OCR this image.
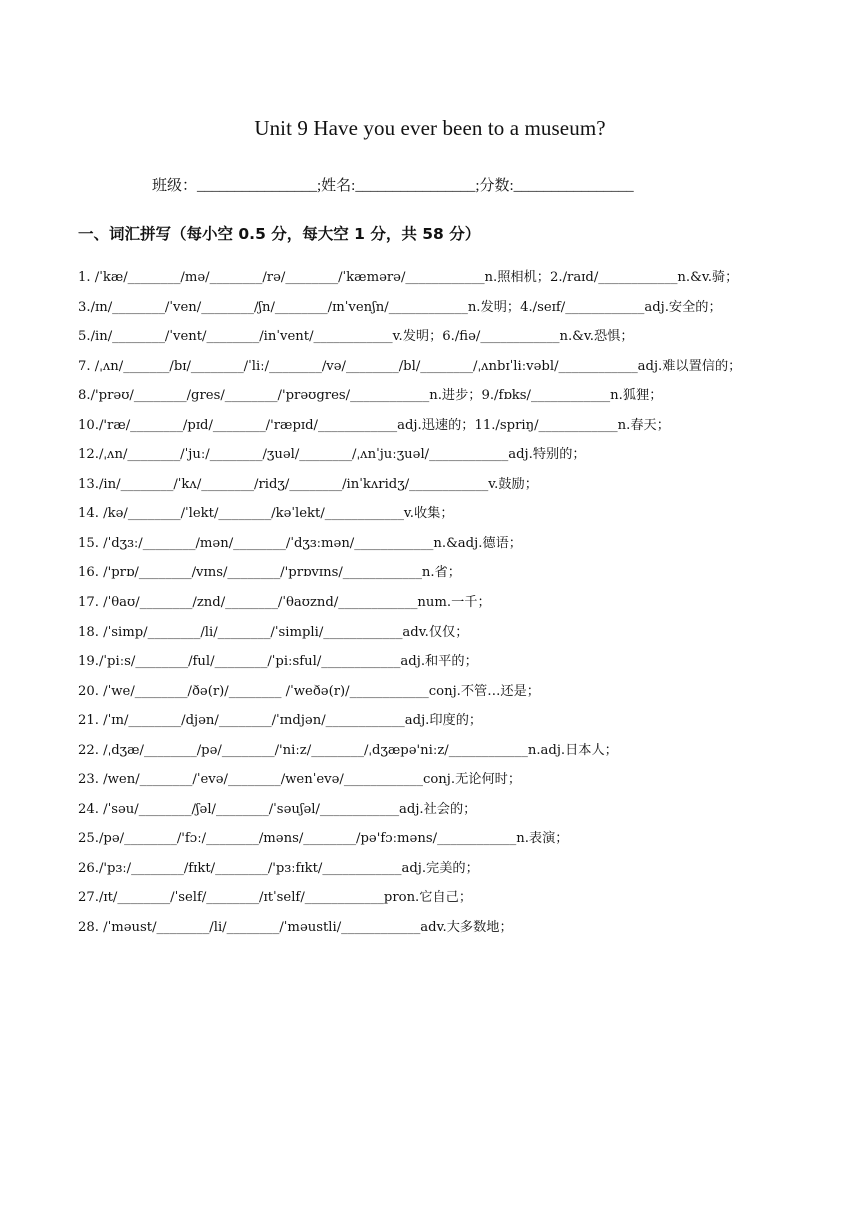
Unit 9 Have you ever been to a museum?
班级：________________;姓名:________________;分数:________________
一、词汇拼写（每小空 0.5 分，每大空 1 分，共 58 分）
1. /ˈkæ/________/mə/________/rə/________/ˈkæmərə/____________n.照相机；2./raɪd/____________n.&v.骑；
3./ɪn/________/ˈven/________/ʃn/________/ɪnˈvenʃn/____________n.发明；4./seɪf/____________adj.安全的；
5./in/________/ˈvent/________/inˈvent/____________v.发明；6./fiə/____________n.&v.恐惧；
7. /ˌʌn/_______/bɪ/________/ˈliː/________/və/________/bl/________/ˌʌnbɪˈliːvəbl/____________adj.难以置信的；
8./'prəʊ/________/gres/________/'prəʊgres/____________n.进步；9./fɒks/____________n.狐狸；
10./'ræ/________/pɪd/________/'ræpɪd/____________adj.迅速的；11./spriŋ/____________n.春天；
12./ˌʌn/________/ˈjuː/________/ʒuəl/________/ˌʌnˈjuːʒuəl/____________adj.特别的；
13./in/________/ˈkʌ/________/ridʒ/________/inˈkʌridʒ/____________v.鼓励；
14. /kə/________/ˈlekt/________/kəˈlekt/____________v.收集；
15. /ˈdʒɜː/________/mən/________/ˈdʒɜːmən/____________n.&adj.德语；
16. /'prɒ/________/vɪns/________/'prɒvɪns/____________n.省；
17. /ˈθaʊ/________/znd/________/ˈθaʊznd/____________num.一千；
18. /ˈsimp/________/li/________/ˈsimpli/____________adv.仅仅；
19./ˈpiːs/________/ful/________/ˈpiːsful/____________adj.和平的；
20. /ˈwe/________/ðə(r)/________ /ˈweðə(r)/____________conj.不管…还是；
21. /ˈɪn/________/djən/________/ˈɪndjən/____________adj.印度的；
22. /ˌdʒæ/________/pə/________/'niːz/________/ˌdʒæpə'niːz/____________n.adj.日本人；
23. /wen/________/ˈevə/________/wenˈevə/____________conj.无论何时；
24. /ˈsəu/________/ʃəl/________/ˈsəuʃəl/____________adj.社会的；
25./pə/________/'fɔː/________/məns/________/pə'fɔːməns/____________n.表演；
26./'pɜː/________/fɪkt/________/'pɜːfɪkt/____________adj.完美的；
27./ɪt/________/ˈself/________/ɪtˈself/____________pron.它自己；
28. /ˈməust/________/li/________/ˈməustli/____________adv.大多数地；
